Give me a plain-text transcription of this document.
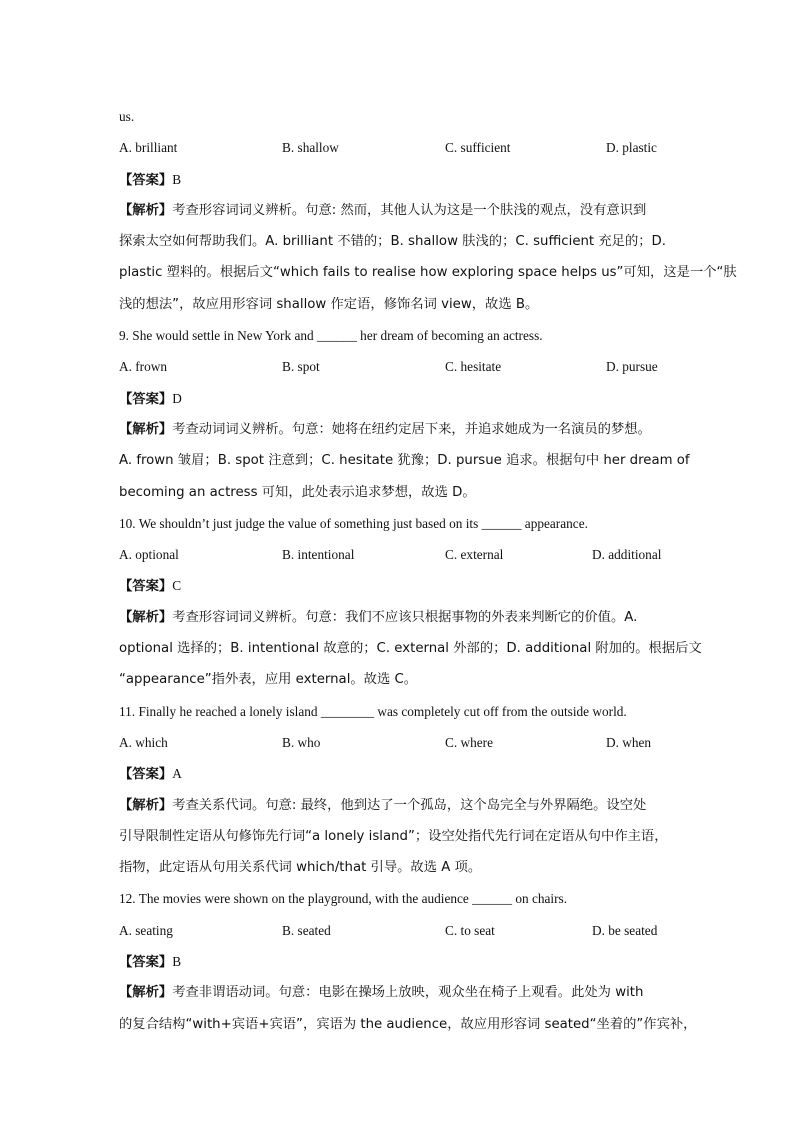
us.
A. brilliant	B. shallow	C. sufficient	D. plastic
【答案】B
【解析】考查形容词词义辨析。句意: 然而，其他人认为这是一个肤浅的观点，没有意识到
探索太空如何帮助我们。A. brilliant 不错的；B. shallow 肤浅的；C. sufficient 充足的；D.
plastic 塑料的。根据后文“which fails to realise how exploring space helps us”可知，这是一个“肤
浅的想法”，故应用形容词 shallow 作定语，修饰名词 view，故选 B。
9. She would settle in New York and ______ her dream of becoming an actress.
A. frown	B. spot	C. hesitate	D. pursue
【答案】D
【解析】考查动词词义辨析。句意：她将在纽约定居下来，并追求她成为一名演员的梦想。
A. frown 皱眉；B. spot 注意到；C. hesitate 犹豫；D. pursue 追求。根据句中 her dream of
becoming an actress 可知，此处表示追求梦想，故选 D。
10. We shouldn’t just judge the value of something just based on its ______ appearance.
A. optional	B. intentional	C. external	D. additional
【答案】C
【解析】考查形容词词义辨析。句意：我们不应该只根据事物的外表来判断它的价值。A.
optional 选择的；B. intentional 故意的；C. external 外部的；D. additional 附加的。根据后文
“appearance”指外表，应用 external。故选 C。
11. Finally he reached a lonely island ________ was completely cut off from the outside world.
A. which	B. who	C. where	D. when
【答案】A
【解析】考查关系代词。句意: 最终，他到达了一个孤岛，这个岛完全与外界隔绝。设空处
引导限制性定语从句修饰先行词“a lonely island”；设空处指代先行词在定语从句中作主语，
指物，此定语从句用关系代词 which/that 引导。故选 A 项。
12. The movies were shown on the playground, with the audience ______ on chairs.
A. seating	B. seated	C. to seat	D. be seated
【答案】B
【解析】考查非谓语动词。句意：电影在操场上放映，观众坐在椅子上观看。此处为 with
的复合结构“with+宾语+宾语”，宾语为 the audience，故应用形容词 seated“坐着的”作宾补，
